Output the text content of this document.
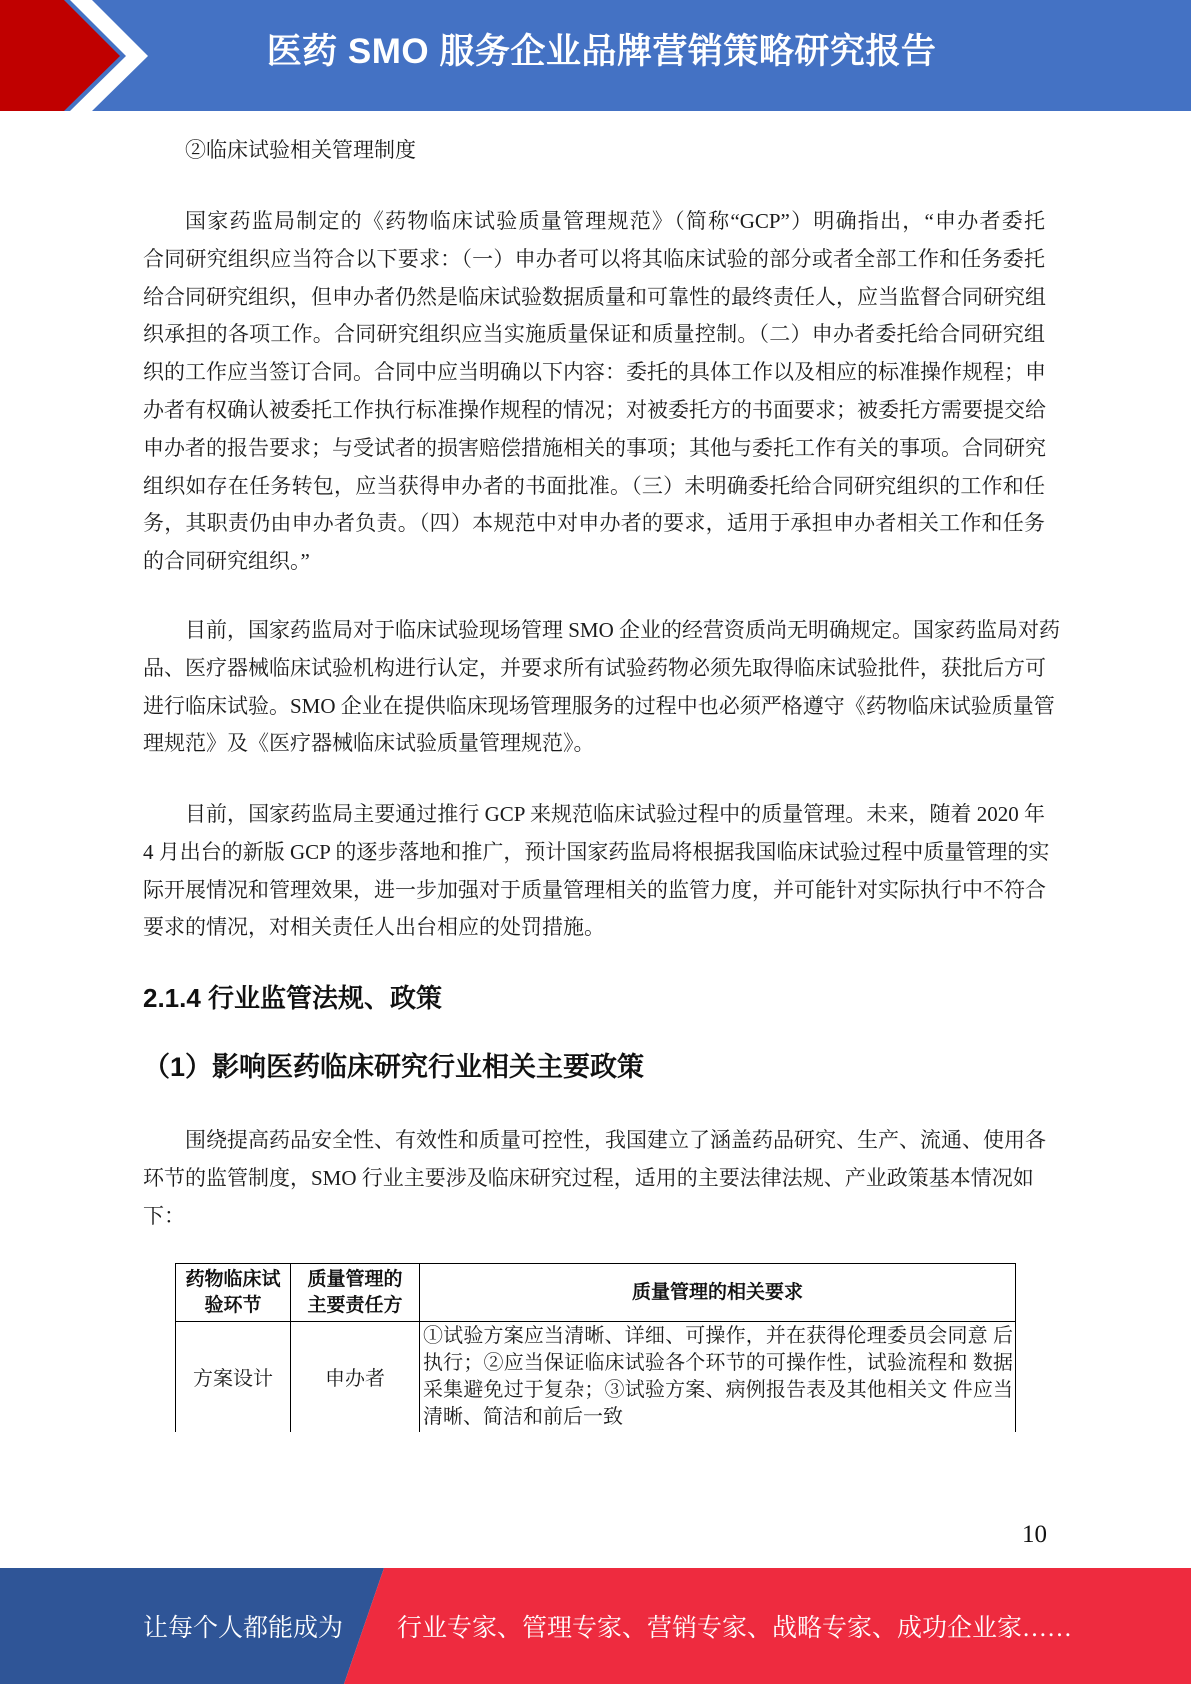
医药 SMO 服务企业品牌营销策略研究报告
②临床试验相关管理制度
国家药监局制定的《药物临床试验质量管理规范》（简称“GCP”）明确指出，“申办者委托
合同研究组织应当符合以下要求：（一）申办者可以将其临床试验的部分或者全部工作和任务委托
给合同研究组织，但申办者仍然是临床试验数据质量和可靠性的最终责任人，应当监督合同研究组
织承担的各项工作。合同研究组织应当实施质量保证和质量控制。（二）申办者委托给合同研究组
织的工作应当签订合同。合同中应当明确以下内容：委托的具体工作以及相应的标准操作规程；申
办者有权确认被委托工作执行标准操作规程的情况；对被委托方的书面要求；被委托方需要提交给
申办者的报告要求；与受试者的损害赔偿措施相关的事项；其他与委托工作有关的事项。合同研究
组织如存在任务转包，应当获得申办者的书面批准。（三）未明确委托给合同研究组织的工作和任
务，其职责仍由申办者负责。（四）本规范中对申办者的要求，适用于承担申办者相关工作和任务
的合同研究组织。”
目前，国家药监局对于临床试验现场管理 SMO 企业的经营资质尚无明确规定。国家药监局对药
品、医疗器械临床试验机构进行认定，并要求所有试验药物必须先取得临床试验批件，获批后方可
进行临床试验。SMO 企业在提供临床现场管理服务的过程中也必须严格遵守《药物临床试验质量管
理规范》及《医疗器械临床试验质量管理规范》。
目前，国家药监局主要通过推行 GCP 来规范临床试验过程中的质量管理。未来，随着 2020 年
4 月出台的新版 GCP 的逐步落地和推广，预计国家药监局将根据我国临床试验过程中质量管理的实
际开展情况和管理效果，进一步加强对于质量管理相关的监管力度，并可能针对实际执行中不符合
要求的情况，对相关责任人出台相应的处罚措施。
2.1.4 行业监管法规、政策
（1）影响医药临床研究行业相关主要政策
围绕提高药品安全性、有效性和质量可控性，我国建立了涵盖药品研究、生产、流通、使用各
环节的监管制度，SMO 行业主要涉及临床研究过程，适用的主要法律法规、产业政策基本情况如
下：
药物临床试验环节	质量管理的主要责任方	质量管理的相关要求
方案设计	申办者	①试验方案应当清晰、详细、可操作，并在获得伦理委员会同意 后
执行；②应当保证临床试验各个环节的可操作性，试验流程和 数据
采集避免过于复杂；③试验方案、病例报告表及其他相关文 件应当
清晰、简洁和前后一致
10
让每个人都能成为 行业专家、管理专家、营销专家、战略专家、成功企业家……
